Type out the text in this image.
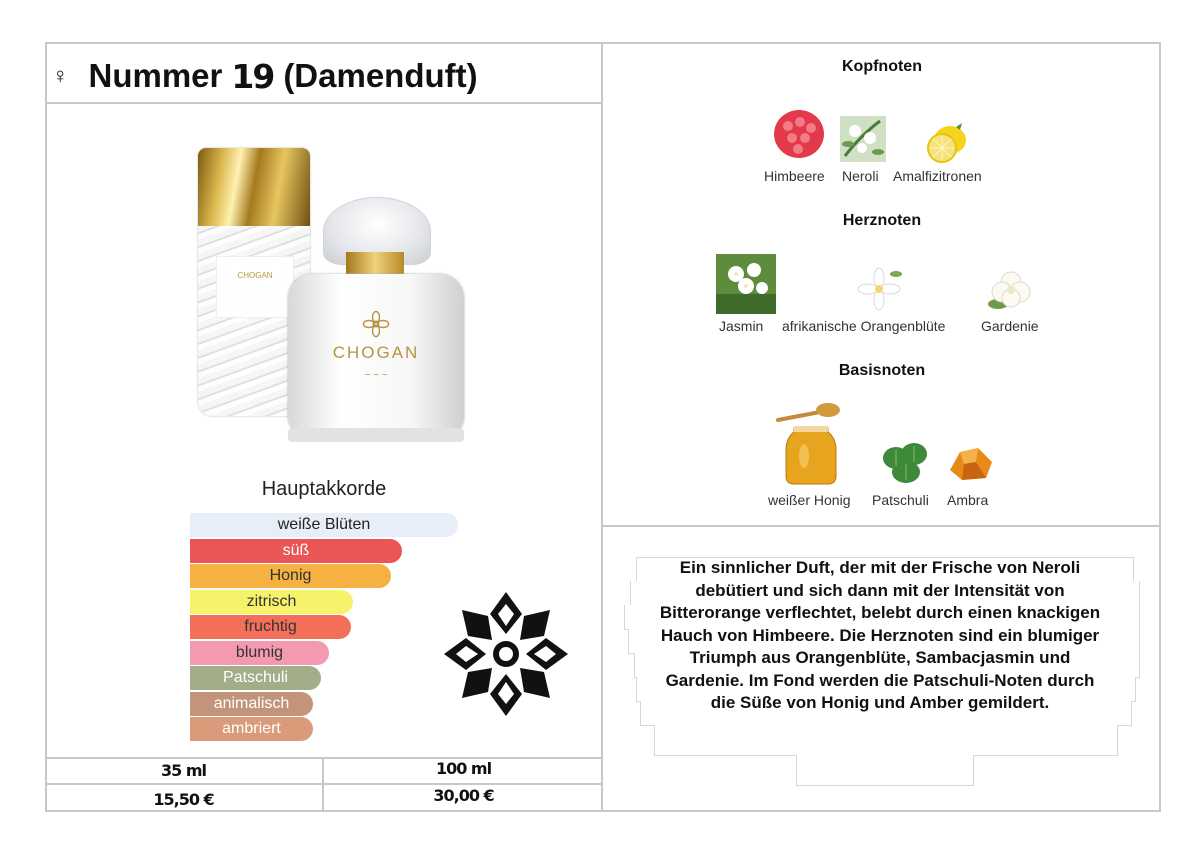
♀ Nummer 19 (Damenduft)
CHOGAN
CHOGAN
~ ~ ~
Hauptakkorde
weiße Blüten
süß
Honig
zitrisch
fruchtig
blumig
Patschuli
animalisch
ambriert
35 ml	100 ml
15,50 €	30,00 €
Kopfnoten
Himbeere Neroli Amalfizitronen
Herznoten
Jasmin afrikanische Orangenblüte	Gardenie
Basisnoten
weißer Honig Patschuli Ambra
Ein sinnlicher Duft, der mit der Frische von Neroli
debütiert und sich dann mit der Intensität von
Bitterorange verflechtet, belebt durch einen knackigen
Hauch von Himbeere. Die Herznoten sind ein blumiger
Triumph aus Orangenblüte, Sambacjasmin und
Gardenie. Im Fond werden die Patschuli-Noten durch
die Süße von Honig und Amber gemildert.
